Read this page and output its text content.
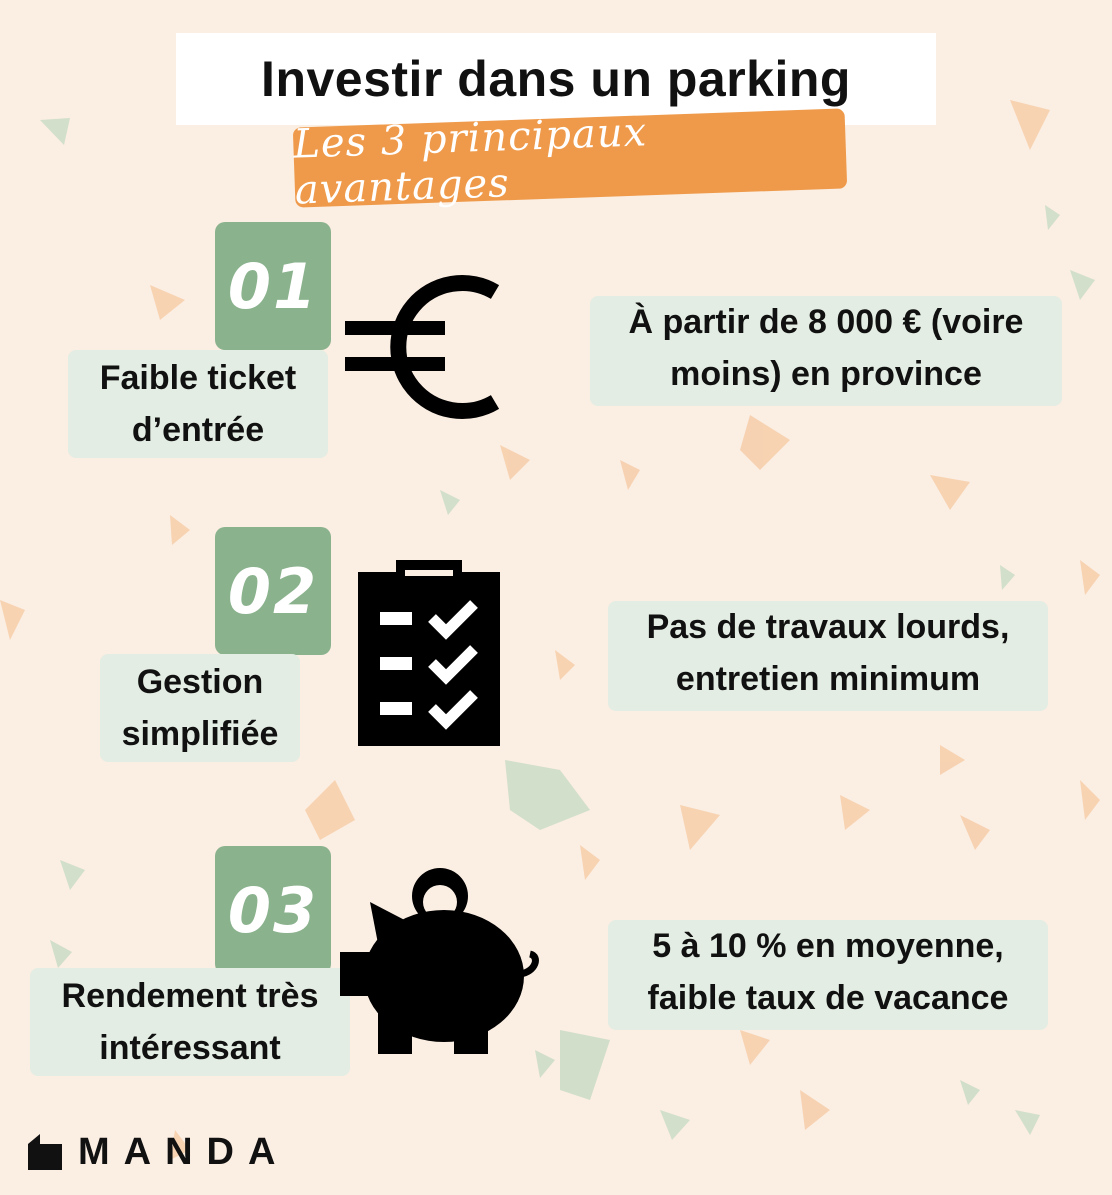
Investir dans un parking
Les 3 principaux avantages
01
Faible ticket
d’entrée
À partir de 8 000 € (voire
moins) en province
02
Gestion
simplifiée
Pas de travaux lourds,
entretien minimum
03
Rendement très
intéressant
5 à 10 % en moyenne,
faible taux de vacance
MANDA
